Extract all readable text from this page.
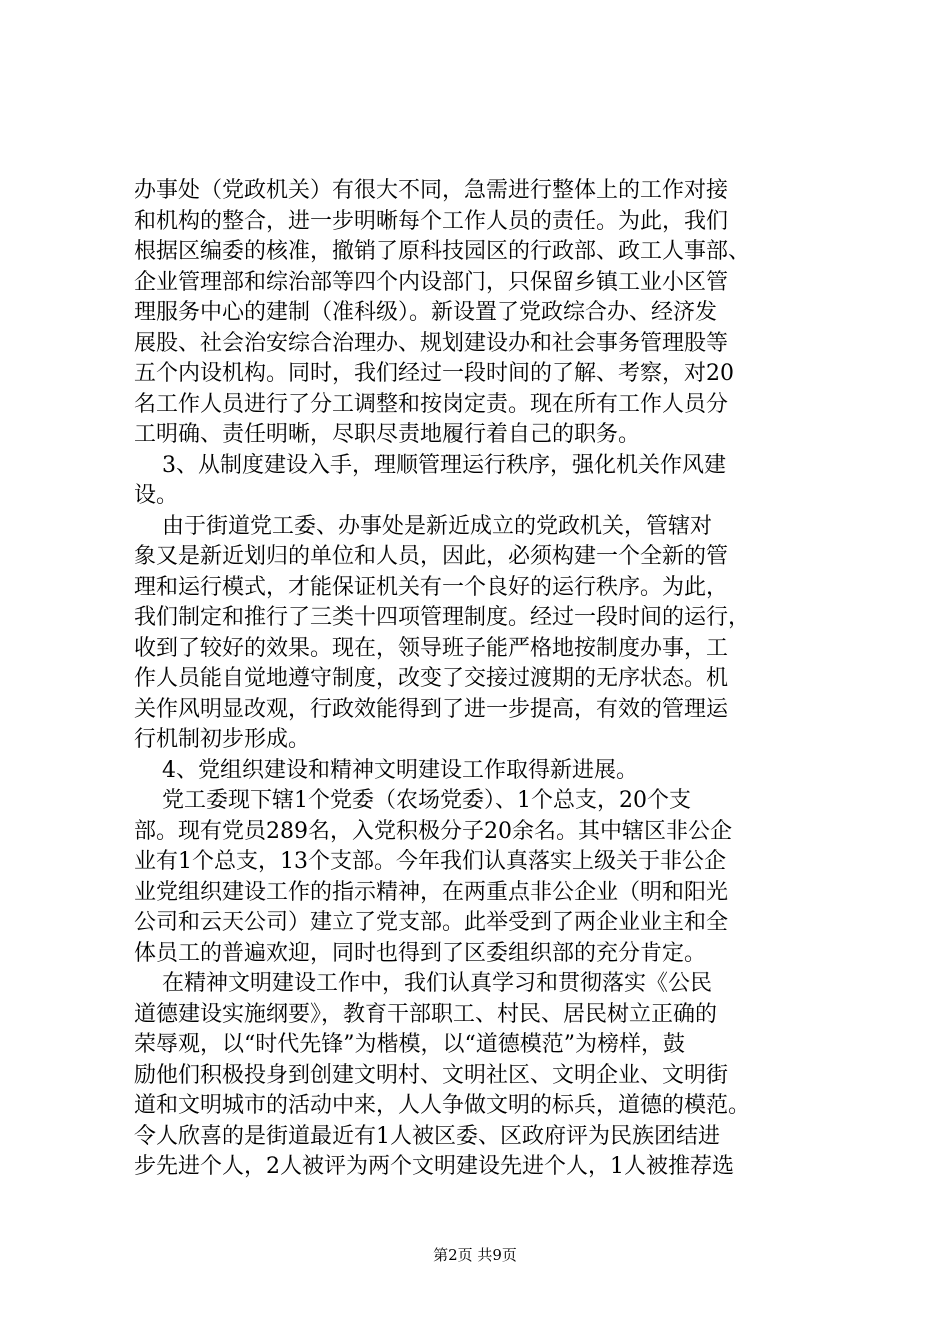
办事处（党政机关）有很大不同，急需进行整体上的工作对接
和机构的整合，进一步明晰每个工作人员的责任。为此，我们
根据区编委的核准，撤销了原科技园区的行政部、政工人事部、
企业管理部和综治部等四个内设部门，只保留乡镇工业小区管
理服务中心的建制（准科级）。新设置了党政综合办、经济发
展股、社会治安综合治理办、规划建设办和社会事务管理股等
五个内设机构。同时，我们经过一段时间的了解、考察，对20
名工作人员进行了分工调整和按岗定责。现在所有工作人员分
工明确、责任明晰，尽职尽责地履行着自己的职务。
3、从制度建设入手，理顺管理运行秩序，强化机关作风建
设。
由于街道党工委、办事处是新近成立的党政机关，管辖对
象又是新近划归的单位和人员，因此，必须构建一个全新的管
理和运行模式，才能保证机关有一个良好的运行秩序。为此，
我们制定和推行了三类十四项管理制度。经过一段时间的运行，
收到了较好的效果。现在，领导班子能严格地按制度办事，工
作人员能自觉地遵守制度，改变了交接过渡期的无序状态。机
关作风明显改观，行政效能得到了进一步提高，有效的管理运
行机制初步形成。
4、党组织建设和精神文明建设工作取得新进展。
党工委现下辖1个党委（农场党委）、1个总支，20个支
部。现有党员289名，入党积极分子20余名。其中辖区非公企
业有1个总支，13个支部。今年我们认真落实上级关于非公企
业党组织建设工作的指示精神，在两重点非公企业（明和阳光
公司和云天公司）建立了党支部。此举受到了两企业业主和全
体员工的普遍欢迎，同时也得到了区委组织部的充分肯定。
在精神文明建设工作中，我们认真学习和贯彻落实《公民
道德建设实施纲要》，教育干部职工、村民、居民树立正确的
荣辱观，以“时代先锋”为楷模，以“道德模范”为榜样，鼓
励他们积极投身到创建文明村、文明社区、文明企业、文明街
道和文明城市的活动中来，人人争做文明的标兵，道德的模范。
令人欣喜的是街道最近有1人被区委、区政府评为民族团结进
步先进个人，2人被评为两个文明建设先进个人，1人被推荐选
第2页 共9页
